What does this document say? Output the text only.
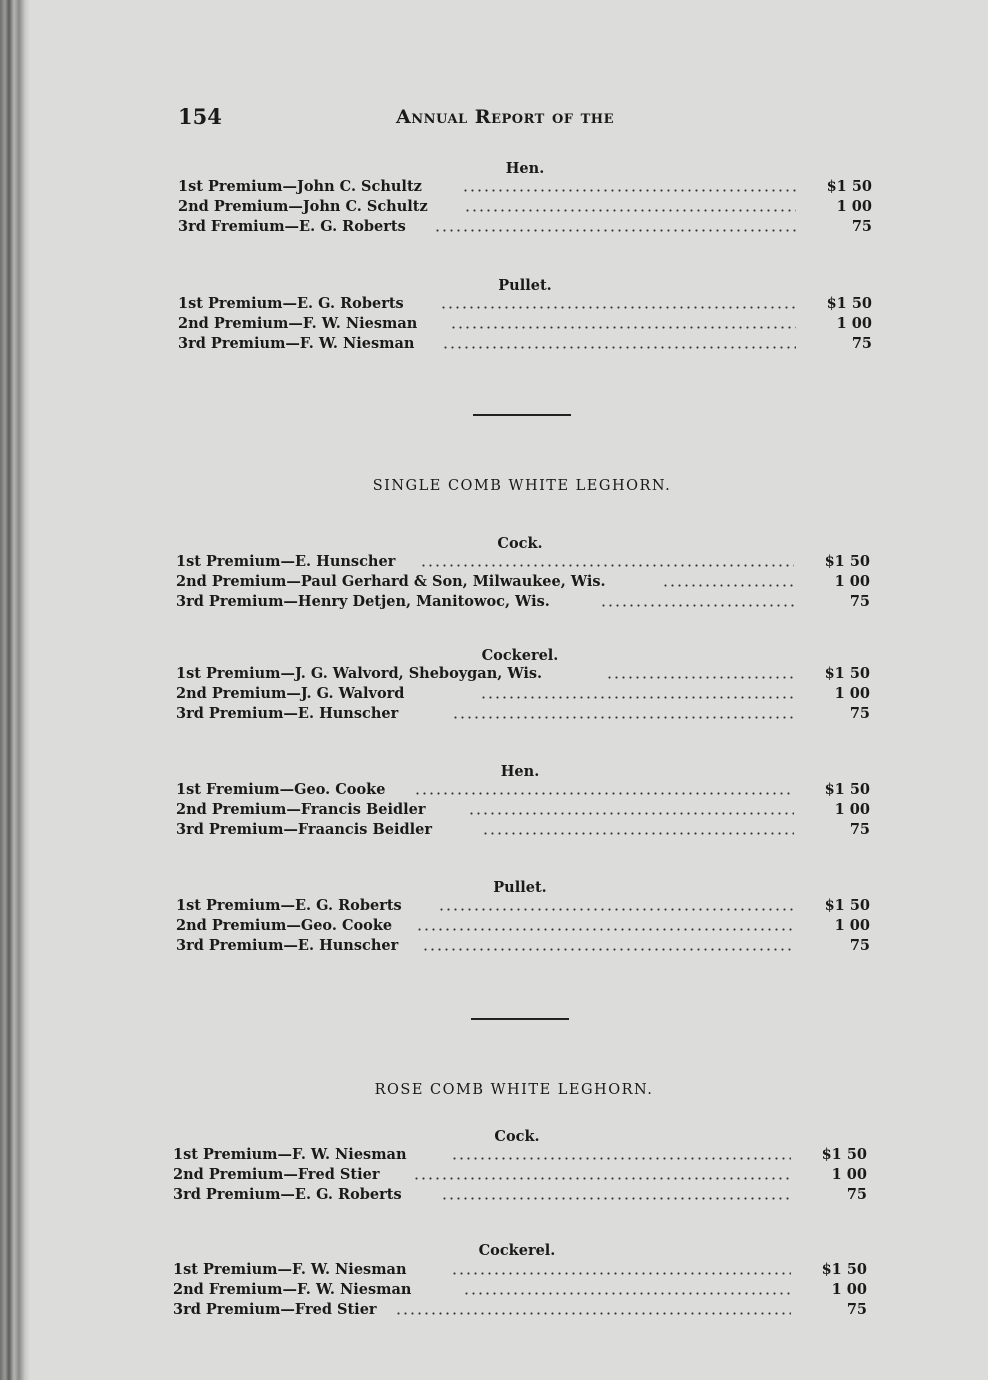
154	Annual Report of the
Hen.
1st Premium—John C. Schultz	$1 50
2nd Premium—John C. Schultz	1 00
3rd Fremium—E. G. Roberts	75
Pullet.
1st Premium—E. G. Roberts	$1 50
2nd Premium—F. W. Niesman	1 00
3rd Premium—F. W. Niesman	75
SINGLE COMB WHITE LEGHORN.
Cock.
1st Premium—E. Hunscher	$1 50
2nd Premium—Paul Gerhard & Son, Milwaukee, Wis.	1 00
3rd Premium—Henry Detjen, Manitowoc, Wis.	75
Cockerel.
1st Premium—J. G. Walvord, Sheboygan, Wis.	$1 50
2nd Premium—J. G. Walvord	1 00
3rd Premium—E. Hunscher	75
Hen.
1st Fremium—Geo. Cooke	$1 50
2nd Premium—Francis Beidler	1 00
3rd Premium—Fraancis Beidler	75
Pullet.
1st Premium—E. G. Roberts	$1 50
2nd Premium—Geo. Cooke	1 00
3rd Premium—E. Hunscher	75
ROSE COMB WHITE LEGHORN.
Cock.
1st Premium—F. W. Niesman	$1 50
2nd Premium—Fred Stier	1 00
3rd Premium—E. G. Roberts	75
Cockerel.
1st Premium—F. W. Niesman	$1 50
2nd Fremium—F. W. Niesman	1 00
3rd Premium—Fred Stier	75
